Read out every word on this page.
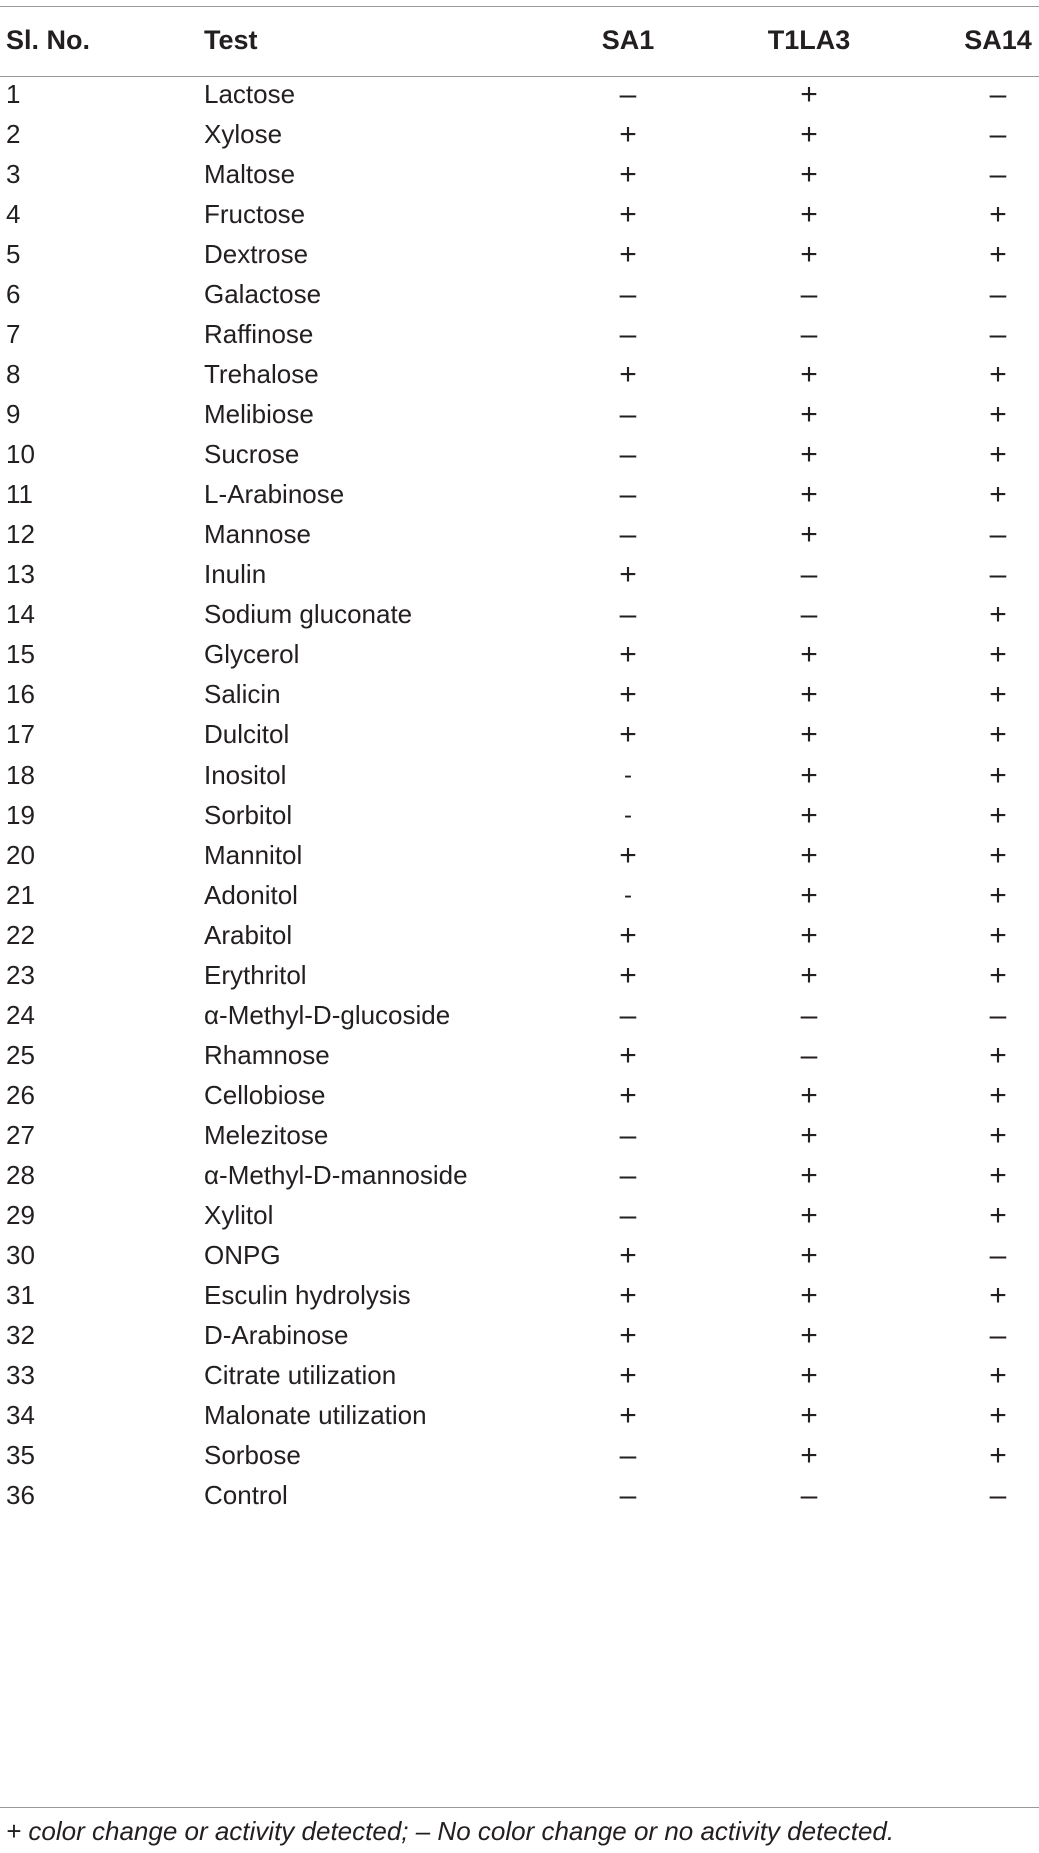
Sl. No.	Test	SA1	T1LA3	SA14
1	Lactose	–	+	–
2	Xylose	+	+	–
3	Maltose	+	+	–
4	Fructose	+	+	+
5	Dextrose	+	+	+
6	Galactose	–	–	–
7	Raffinose	–	–	–
8	Trehalose	+	+	+
9	Melibiose	–	+	+
10	Sucrose	–	+	+
11	L-Arabinose	–	+	+
12	Mannose	–	+	–
13	Inulin	+	–	–
14	Sodium gluconate	–	–	+
15	Glycerol	+	+	+
16	Salicin	+	+	+
17	Dulcitol	+	+	+
18	Inositol	-	+	+
19	Sorbitol	-	+	+
20	Mannitol	+	+	+
21	Adonitol	-	+	+
22	Arabitol	+	+	+
23	Erythritol	+	+	+
24	α-Methyl-D-glucoside	–	–	–
25	Rhamnose	+	–	+
26	Cellobiose	+	+	+
27	Melezitose	–	+	+
28	α-Methyl-D-mannoside	–	+	+
29	Xylitol	–	+	+
30	ONPG	+	+	–
31	Esculin hydrolysis	+	+	+
32	D-Arabinose	+	+	–
33	Citrate utilization	+	+	+
34	Malonate utilization	+	+	+
35	Sorbose	–	+	+
36	Control	–	–	–
+ color change or activity detected; – No color change or no activity detected.
